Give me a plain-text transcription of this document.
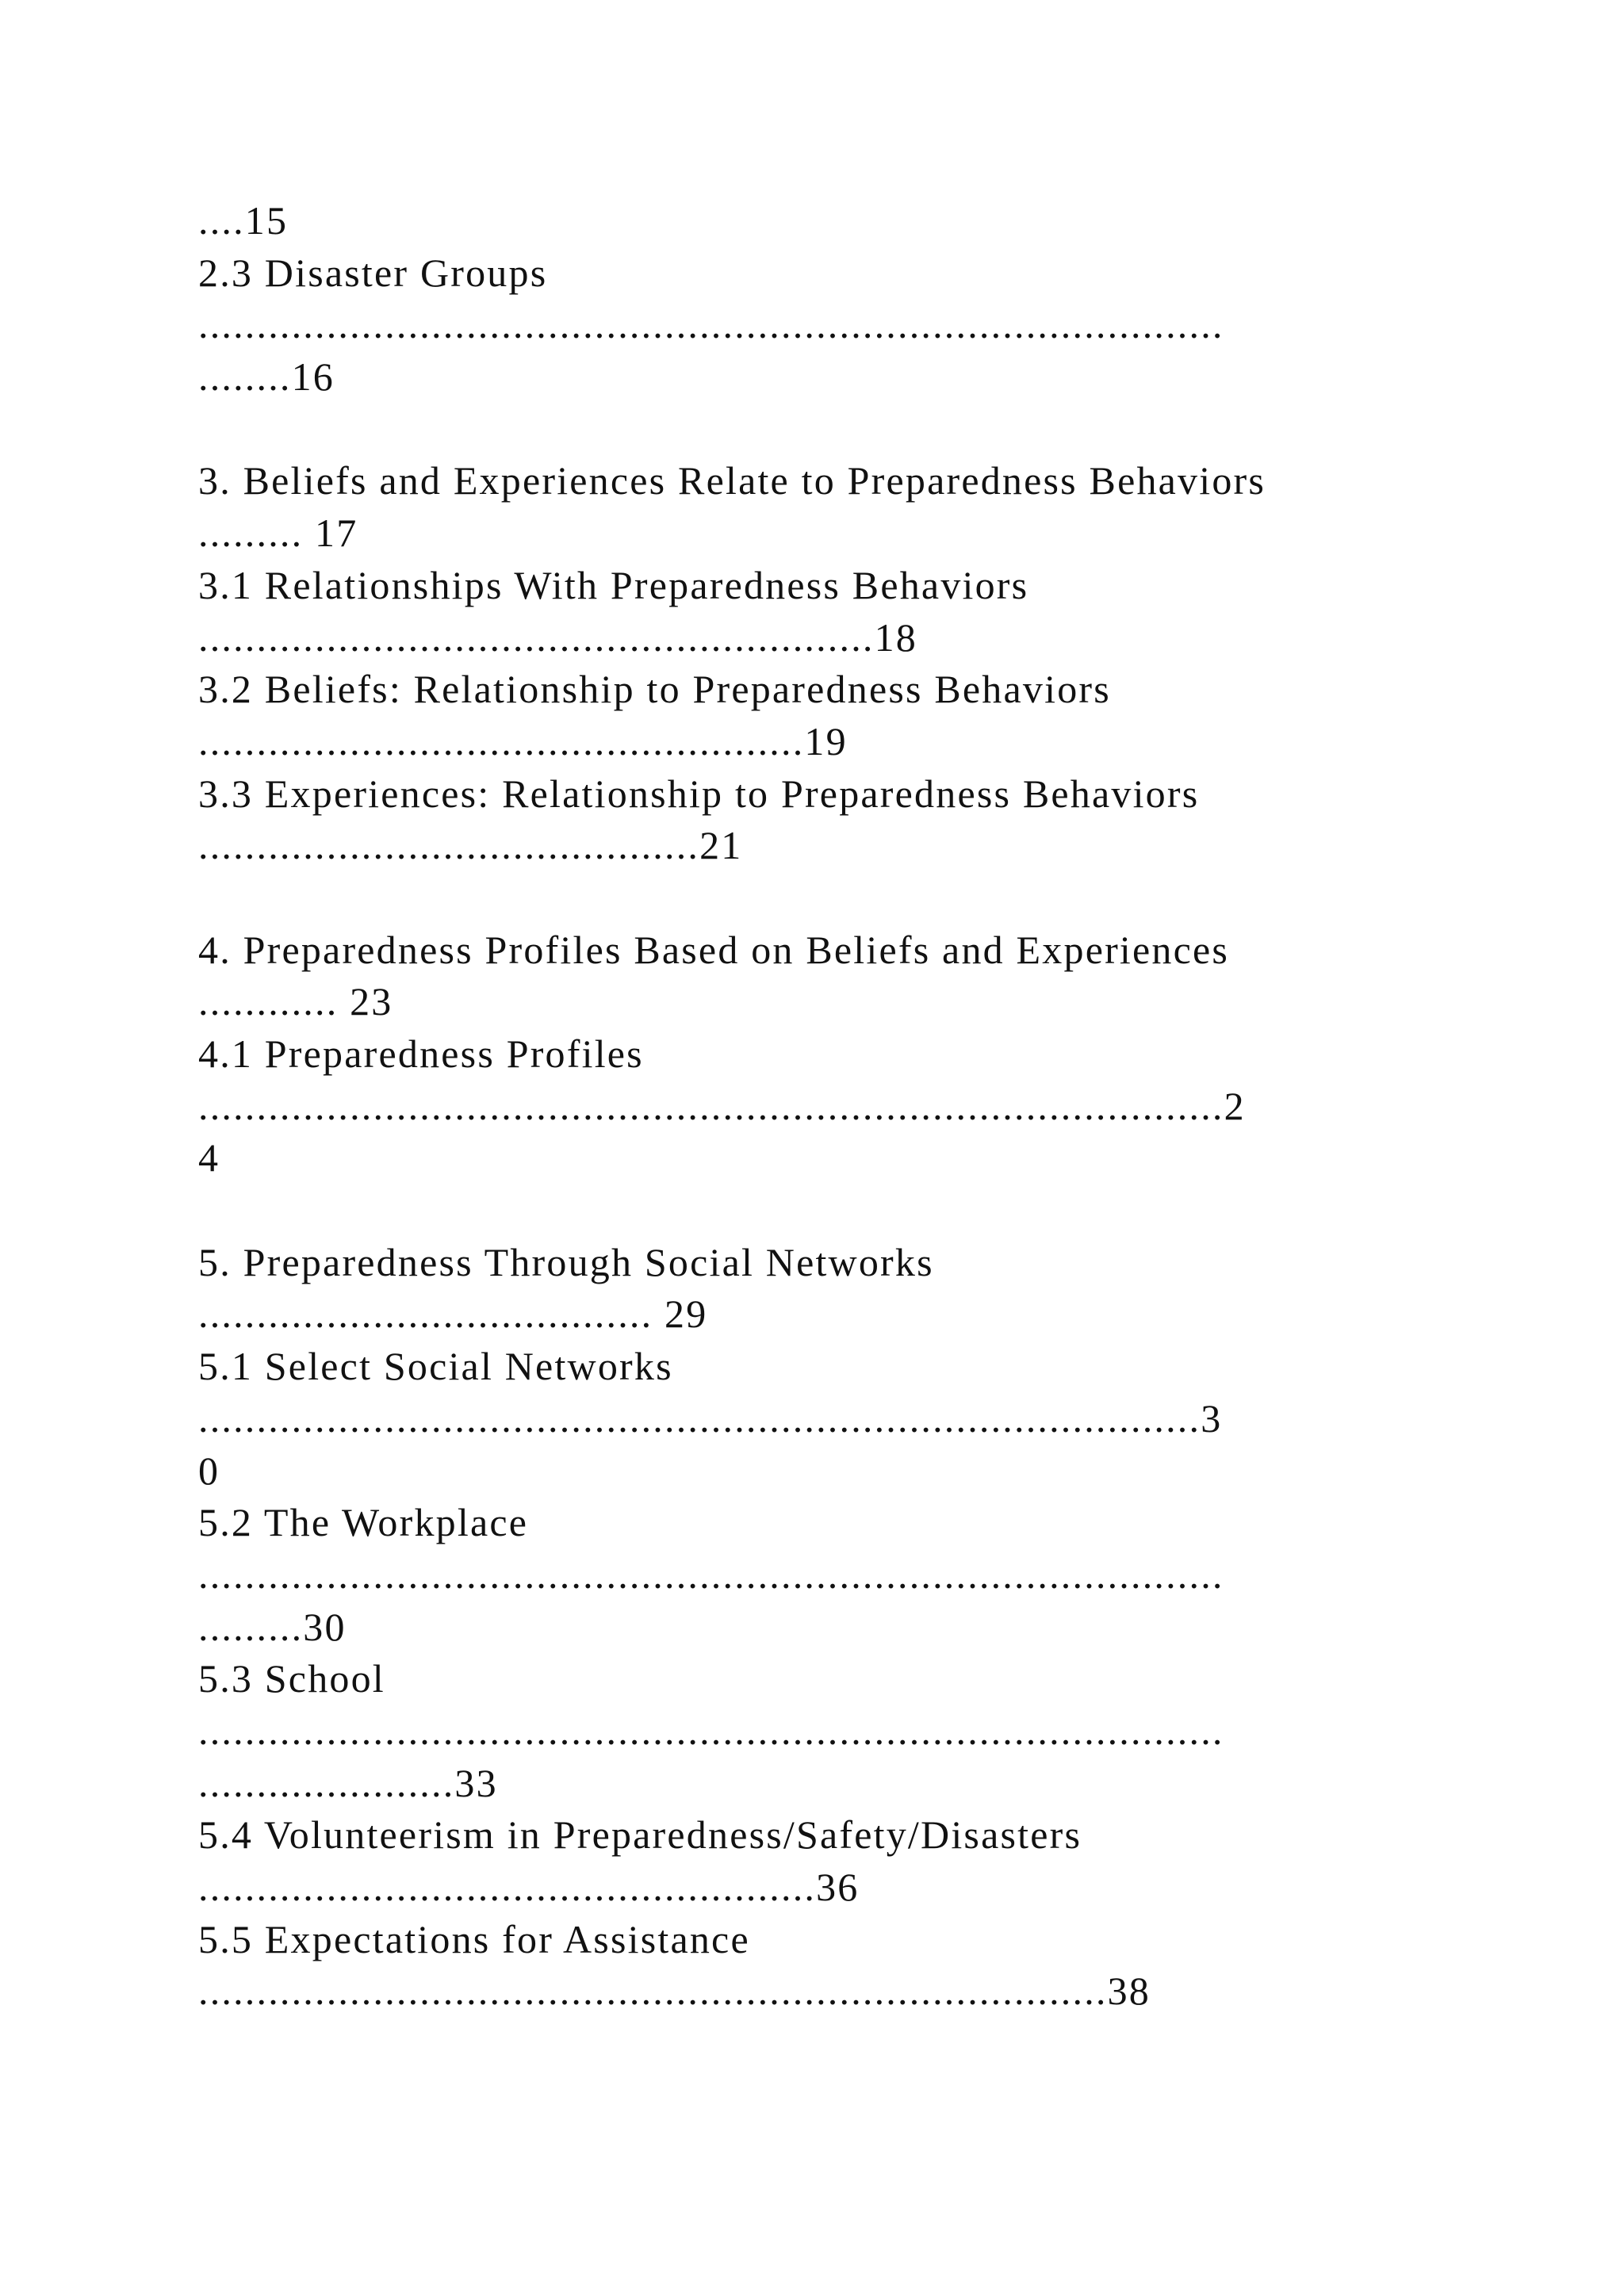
....15
2.3 Disaster Groups
........................................................................................
........16
3. Beliefs and Experiences Relate to Preparedness Behaviors
......... 17
3.1 Relationships With Preparedness Behaviors
..........................................................18
3.2 Beliefs: Relationship to Preparedness Behaviors
....................................................19
3.3 Experiences: Relationship to Preparedness Behaviors
...........................................21
4. Preparedness Profiles Based on Beliefs and Experiences
............ 23
4.1 Preparedness Profiles
........................................................................................2
4
5. Preparedness Through Social Networks
....................................... 29
5.1 Select Social Networks
......................................................................................3
0
5.2 The Workplace
........................................................................................
.........30
5.3 School
........................................................................................
......................33
5.4 Volunteerism in Preparedness/Safety/Disasters
.....................................................36
5.5 Expectations for Assistance
..............................................................................38
